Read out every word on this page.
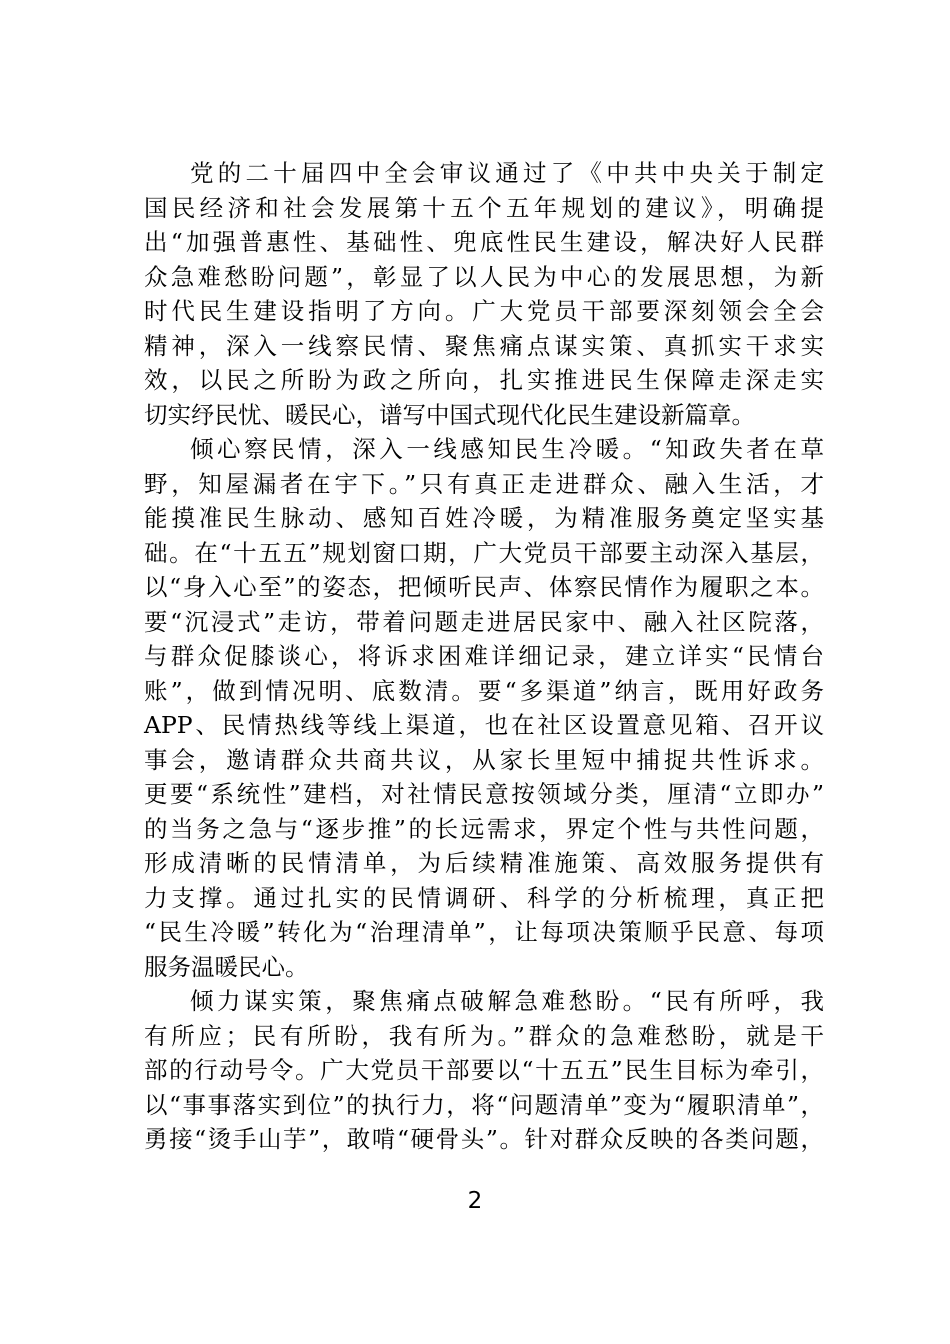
党的二十届四中全会审议通过了《中共中央关于制定
国民经济和社会发展第十五个五年规划的建议》，明确提
出“加强普惠性、基础性、兜底性民生建设，解决好人民群
众急难愁盼问题”，彰显了以人民为中心的发展思想，为新
时代民生建设指明了方向。广大党员干部要深刻领会全会
精神，深入一线察民情、聚焦痛点谋实策、真抓实干求实
效，以民之所盼为政之所向，扎实推进民生保障走深走实
切实纾民忧、暖民心，谱写中国式现代化民生建设新篇章。
倾心察民情，深入一线感知民生冷暖。“知政失者在草
野，知屋漏者在宇下。”只有真正走进群众、融入生活，才
能摸准民生脉动、感知百姓冷暖，为精准服务奠定坚实基
础。在“十五五”规划窗口期，广大党员干部要主动深入基层，
以“身入心至”的姿态，把倾听民声、体察民情作为履职之本。
要“沉浸式”走访，带着问题走进居民家中、融入社区院落，
与群众促膝谈心，将诉求困难详细记录，建立详实“民情台
账”，做到情况明、底数清。要“多渠道”纳言，既用好政务
APP、民情热线等线上渠道，也在社区设置意见箱、召开议
事会，邀请群众共商共议，从家长里短中捕捉共性诉求。
更要“系统性”建档，对社情民意按领域分类，厘清“立即办”
的当务之急与“逐步推”的长远需求，界定个性与共性问题，
形成清晰的民情清单，为后续精准施策、高效服务提供有
力支撑。通过扎实的民情调研、科学的分析梳理，真正把
“民生冷暖”转化为“治理清单”，让每项决策顺乎民意、每项
服务温暖民心。
倾力谋实策，聚焦痛点破解急难愁盼。“民有所呼，我
有所应；民有所盼，我有所为。”群众的急难愁盼，就是干
部的行动号令。广大党员干部要以“十五五”民生目标为牵引，
以“事事落实到位”的执行力，将“问题清单”变为“履职清单”，
勇接“烫手山芋”，敢啃“硬骨头”。针对群众反映的各类问题，
2
